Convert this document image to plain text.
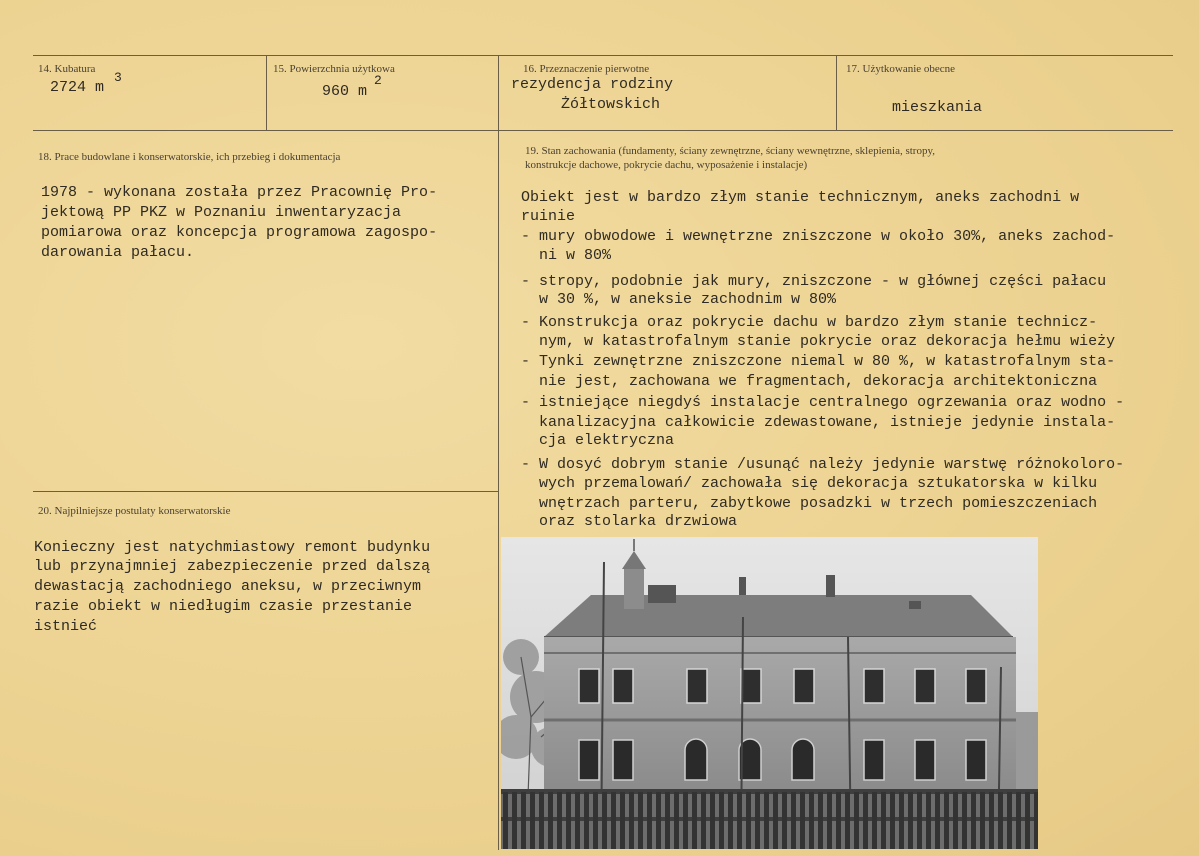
14. Kubatura
2724 m
3
15. Powierzchnia użytkowa
960 m
2
16. Przeznaczenie pierwotne
rezydencja rodziny
Żółtowskich
17. Użytkowanie obecne
mieszkania
18. Prace budowlane i konserwatorskie, ich przebieg i dokumentacja
1978 - wykonana została przez Pracownię Pro-
jektową PP PKZ w Poznaniu inwentaryzacja
pomiarowa oraz koncepcja programowa zagospo-
darowania pałacu.
19. Stan zachowania (fundamenty, ściany zewnętrzne, ściany wewnętrzne, sklepienia, stropy,
konstrukcje dachowe, pokrycie dachu, wyposażenie i instalacje)
Obiekt jest w bardzo złym stanie technicznym, aneks zachodni w
ruinie
- mury obwodowe i wewnętrzne zniszczone w około 30%, aneks zachod-
ni w 80%
- stropy, podobnie jak mury, zniszczone - w głównej części pałacu
w 30 %, w aneksie zachodnim w 80%
- Konstrukcja oraz pokrycie dachu w bardzo złym stanie technicz-
nym, w katastrofalnym stanie pokrycie oraz dekoracja hełmu wieży
- Tynki zewnętrzne zniszczone niemal w 80 %, w katastrofalnym sta-
nie jest, zachowana we fragmentach, dekoracja architektoniczna
- istniejące niegdyś instalacje centralnego ogrzewania oraz wodno -
kanalizacyjna całkowicie zdewastowane, istnieje jedynie instala-
cja elektryczna
- W dosyć dobrym stanie /usunąć należy jedynie warstwę różnokoloro-
wych przemalowań/ zachowała się dekoracja sztukatorska w kilku
wnętrzach parteru, zabytkowe posadzki w trzech pomieszczeniach
oraz stolarka drzwiowa
20. Najpilniejsze postulaty konserwatorskie
Konieczny jest natychmiastowy remont budynku
lub przynajmniej zabezpieczenie przed dalszą
dewastacją zachodniego aneksu, w przeciwnym
razie obiekt w niedługim czasie przestanie
istnieć
